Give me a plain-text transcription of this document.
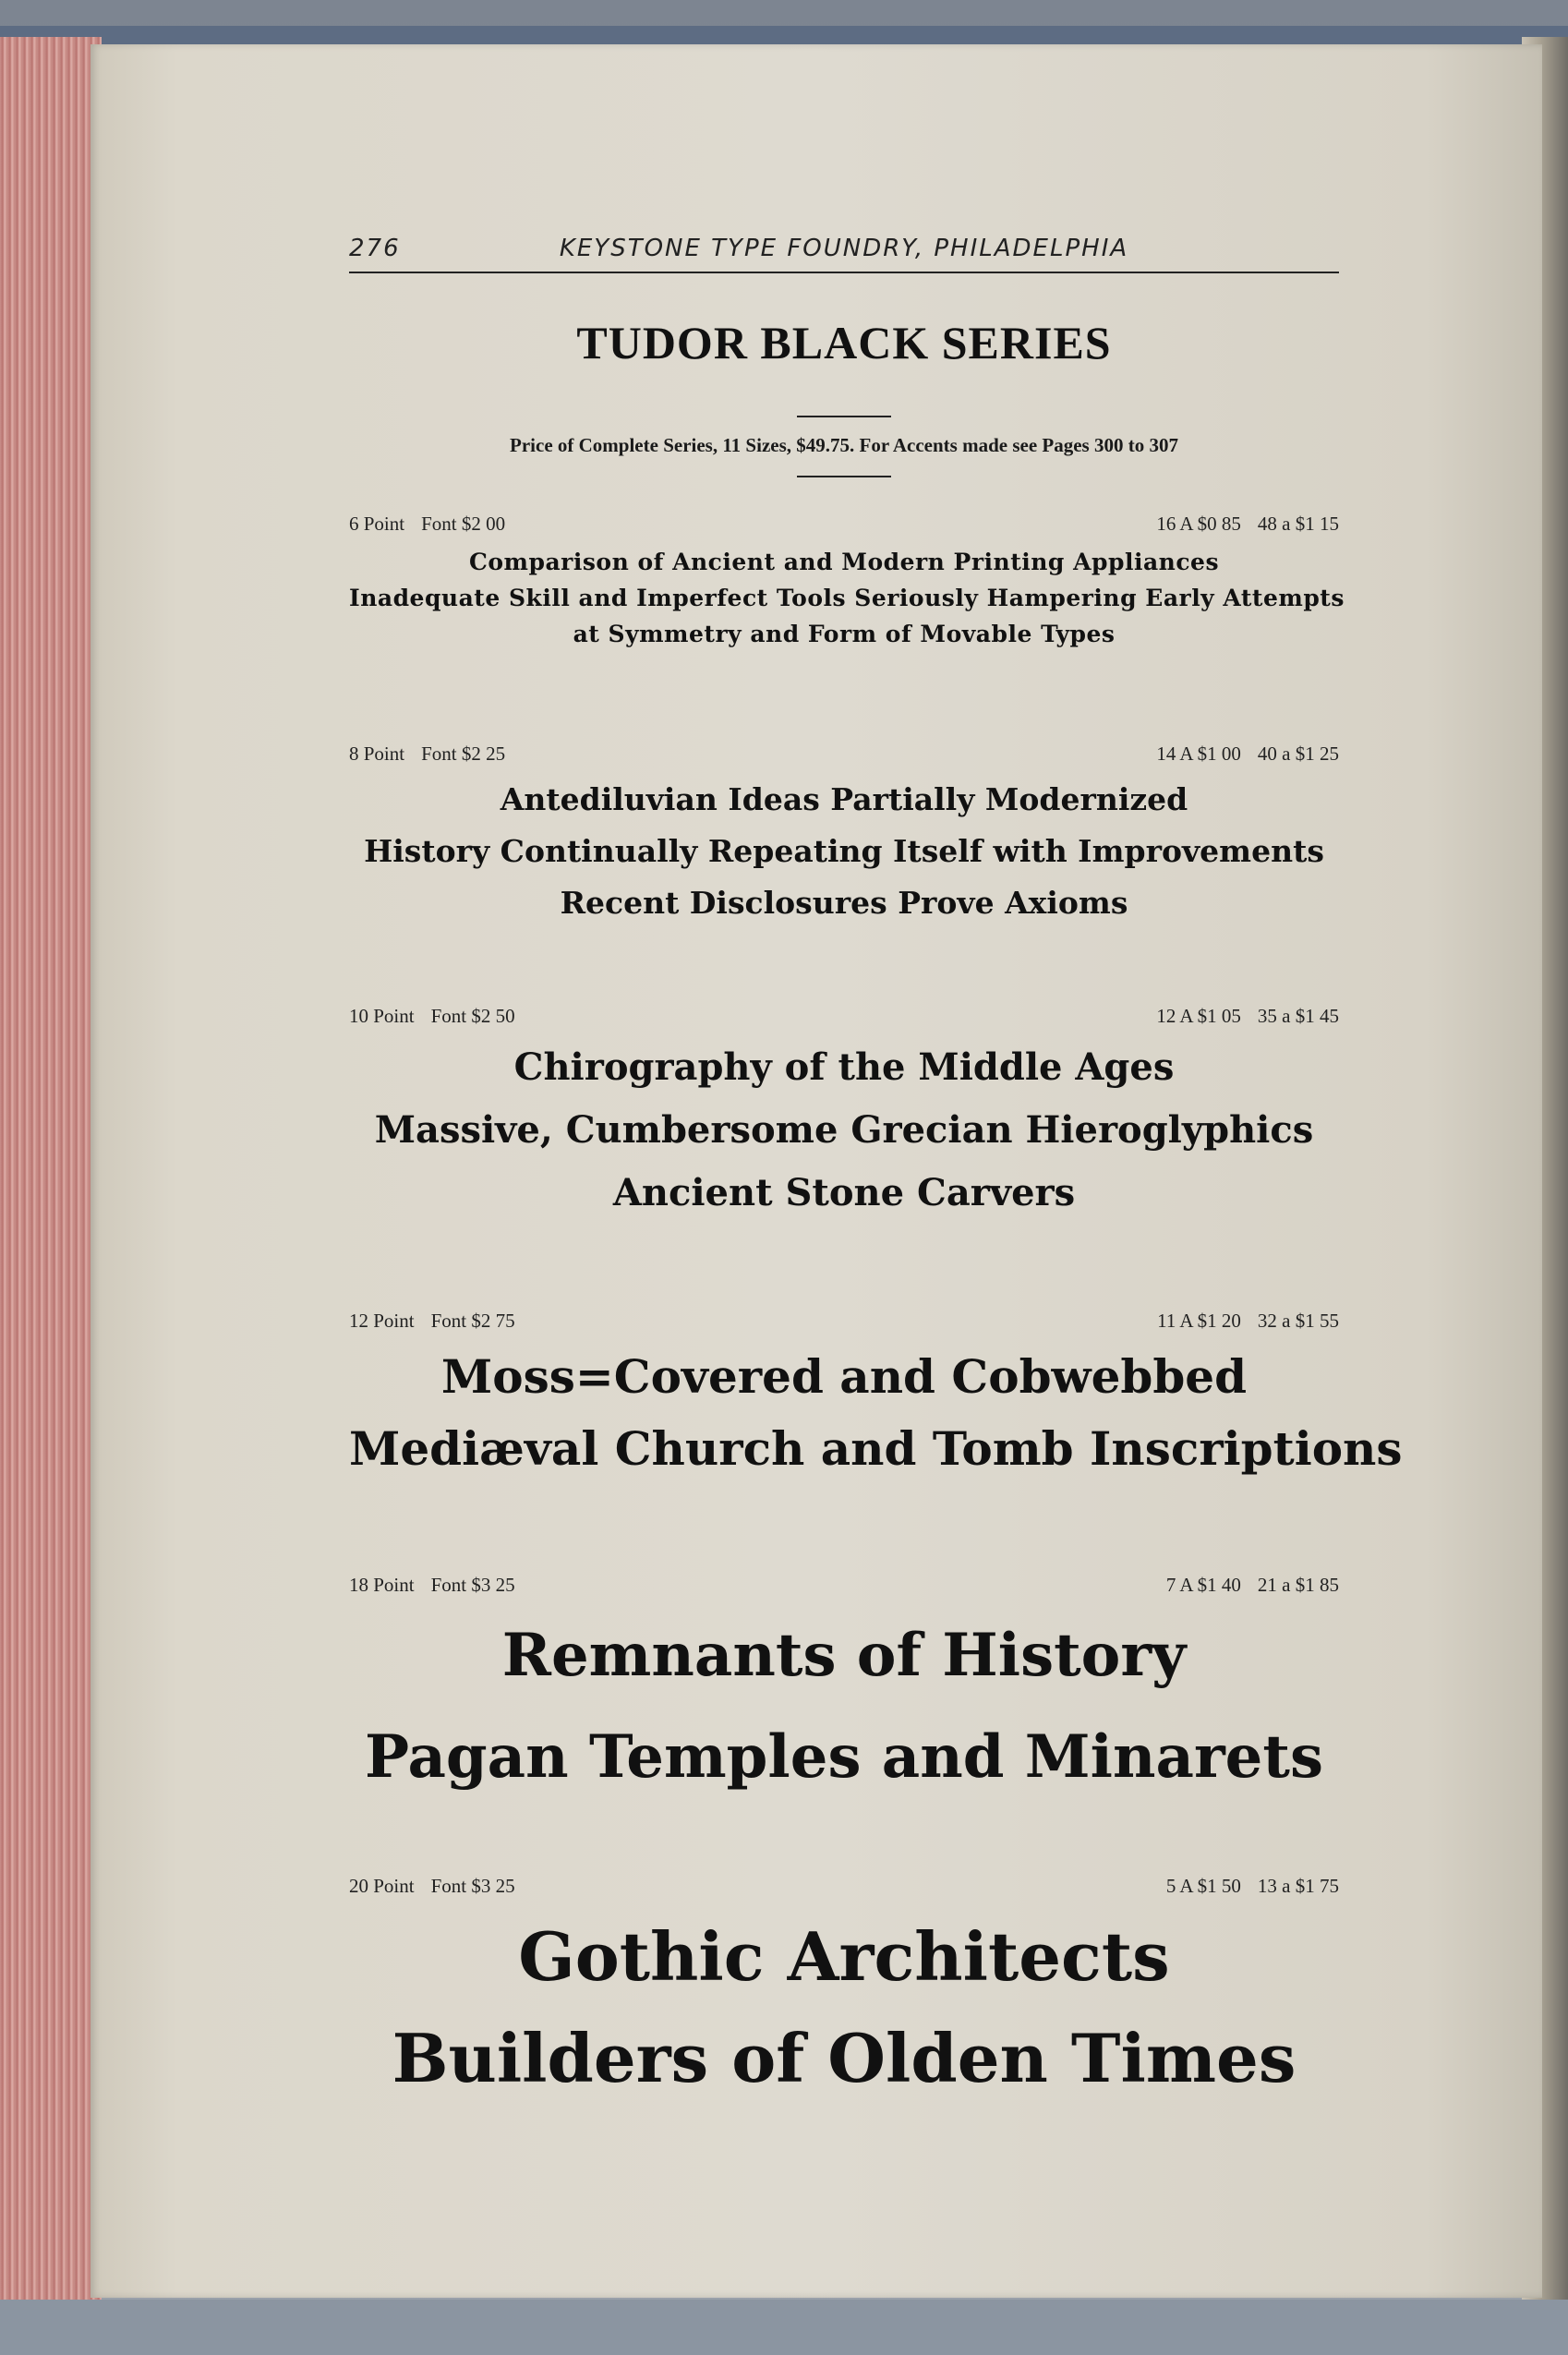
KEYSTONE TYPE FOUNDRY, PHILADELPHIA
276
TUDOR BLACK SERIES
Price of Complete Series, 11 Sizes, $49.75. For Accents made see Pages 300 to 307
6 Point Font $2 00	16 A $0 85 48 a $1 15
Comparison of Ancient and Modern Printing Appliances
Inadequate Skill and Imperfect Tools Seriously Hampering Early Attempts
at Symmetry and Form of Movable Types
8 Point Font $2 25	14 A $1 00 40 a $1 25
Antediluvian Ideas Partially Modernized
History Continually Repeating Itself with Improvements
Recent Disclosures Prove Axioms
10 Point Font $2 50	12 A $1 05 35 a $1 45
Chirography of the Middle Ages
Massive, Cumbersome Grecian Hieroglyphics
Ancient Stone Carvers
12 Point Font $2 75	11 A $1 20 32 a $1 55
Moss=Covered and Cobwebbed
Mediæval Church and Tomb Inscriptions
18 Point Font $3 25	7 A $1 40 21 a $1 85
Remnants of History
Pagan Temples and Minarets
20 Point Font $3 25	5 A $1 50 13 a $1 75
Gothic Architects
Builders of Olden Times
